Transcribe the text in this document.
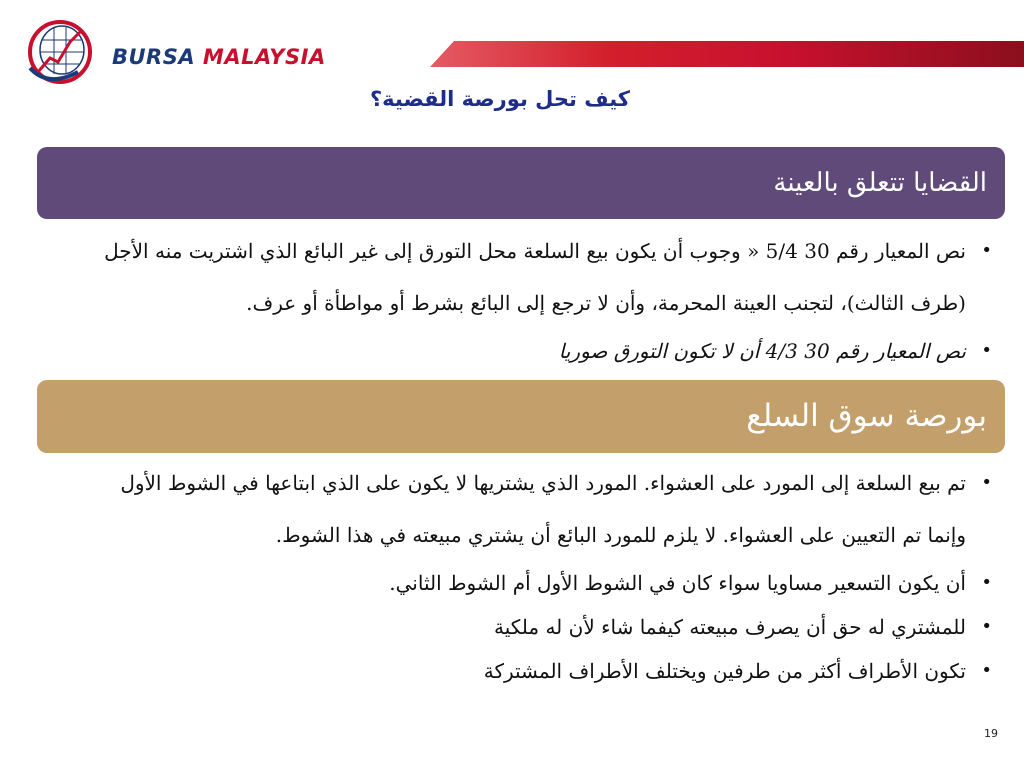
BURSA MALAYSIA
كيف تحل بورصة القضية؟
القضايا تتعلق بالعينة
•
نص المعيار رقم 30 5/4 « وجوب أن يكون بيع السلعة محل التورق إلى غير البائع الذي اشتريت منه الأجل (طرف الثالث)، لتجنب العينة المحرمة، وأن لا ترجع إلى البائع بشرط أو مواطأة أو عرف.
•
نص المعيار رقم 30 4/3 أن لا تكون التورق صوريا
بورصة سوق السلع
•
تم بيع السلعة إلى المورد على العشواء. المورد الذي يشتريها لا يكون على الذي ابتاعها في الشوط الأول وإنما تم التعيين على العشواء. لا يلزم للمورد البائع أن يشتري مبيعته في هذا الشوط.
•
أن يكون التسعير مساويا سواء كان في الشوط الأول أم الشوط الثاني.
•
للمشتري له حق أن يصرف مبيعته كيفما شاء لأن له ملكية
•
تكون الأطراف أكثر من طرفين ويختلف الأطراف المشتركة
19
